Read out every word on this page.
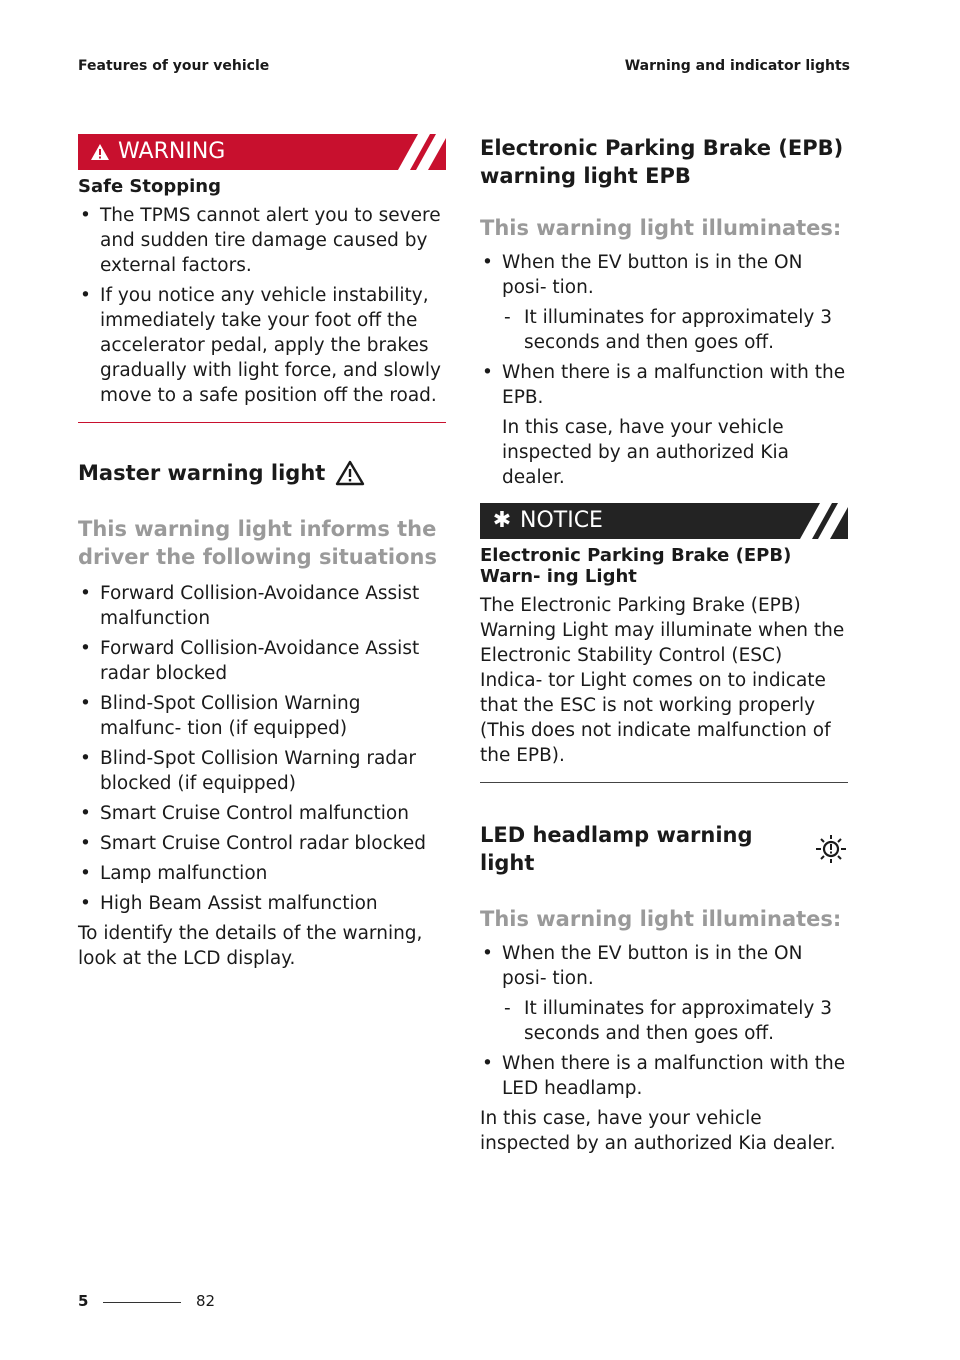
Features of your vehicle	Warning and indicator lights
WARNING
Safe Stopping
• The TPMS cannot alert you to severe and sudden tire damage caused by external factors.
• If you notice any vehicle instability, immediately take your foot off the accelerator pedal, apply the brakes gradually with light force, and slowly move to a safe position off the road.
Master warning light
This warning light informs the driver the following situations
• Forward Collision-Avoidance Assist malfunction
• Forward Collision-Avoidance Assist radar blocked
• Blind-Spot Collision Warning malfunc- tion (if equipped)
• Blind-Spot Collision Warning radar blocked (if equipped)
• Smart Cruise Control malfunction
• Smart Cruise Control radar blocked
• Lamp malfunction
• High Beam Assist malfunction
To identify the details of the warning, look at the LCD display.
Electronic Parking Brake (EPB) warning light EPB
This warning light illuminates:
• When the EV button is in the ON posi- tion.
- It illuminates for approximately 3 seconds and then goes off.
• When there is a malfunction with the EPB.
In this case, have your vehicle inspected by an authorized Kia dealer.
✱ NOTICE
Electronic Parking Brake (EPB) Warn- ing Light
The Electronic Parking Brake (EPB) Warning Light may illuminate when the Electronic Stability Control (ESC) Indica- tor Light comes on to indicate that the ESC is not working properly (This does not indicate malfunction of the EPB).
LED headlamp warning light
This warning light illuminates:
• When the EV button is in the ON posi- tion.
- It illuminates for approximately 3 seconds and then goes off.
• When there is a malfunction with the LED headlamp.
In this case, have your vehicle inspected by an authorized Kia dealer.
5	82
